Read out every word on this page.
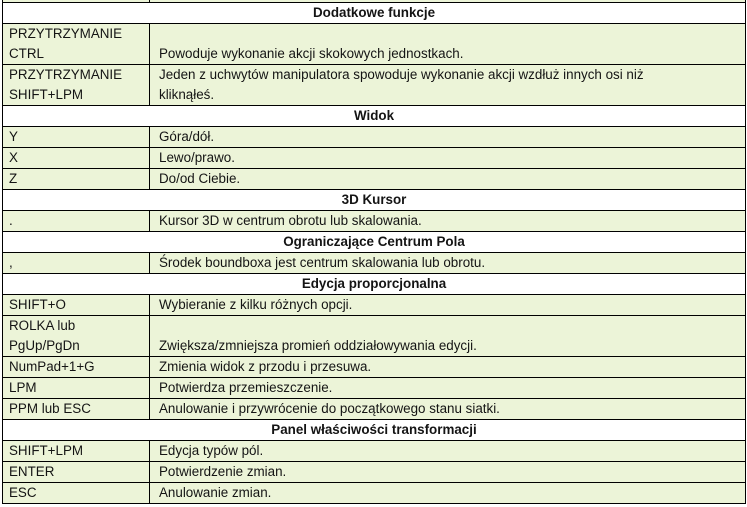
Dodatkowe funkcje	

PRZYTRZYMANIE
CTRL	Powoduje wykonanie akcji skokowych jednostkach.

PRZYTRZYMANIE
SHIFT+LPM	Jeden z uchwytów manipulatora spowoduje wykonanie akcji wzdłuż innych osi niż
kliknąłeś.

Widok	

Y	Góra/dół.

X	Lewo/prawo.

Z	Do/od Ciebie.

3D Kursor	

.	Kursor 3D w centrum obrotu lub skalowania.

Ograniczające Centrum Pola	

,	Środek boundboxa jest centrum skalowania lub obrotu.

Edycja proporcjonalna	

SHIFT+O	Wybieranie z kilku różnych opcji.

ROLKA lub
PgUp/PgDn	Zwiększa/zmniejsza promień oddziałowywania edycji.

NumPad+1+G	Zmienia widok z przodu i przesuwa.

LPM	Potwierdza przemieszczenie.

PPM lub ESC	Anulowanie i przywrócenie do początkowego stanu siatki.

Panel właściwości transformacji	

SHIFT+LPM	Edycja typów pól.

ENTER	Potwierdzenie zmian.

ESC	Anulowanie zmian.
